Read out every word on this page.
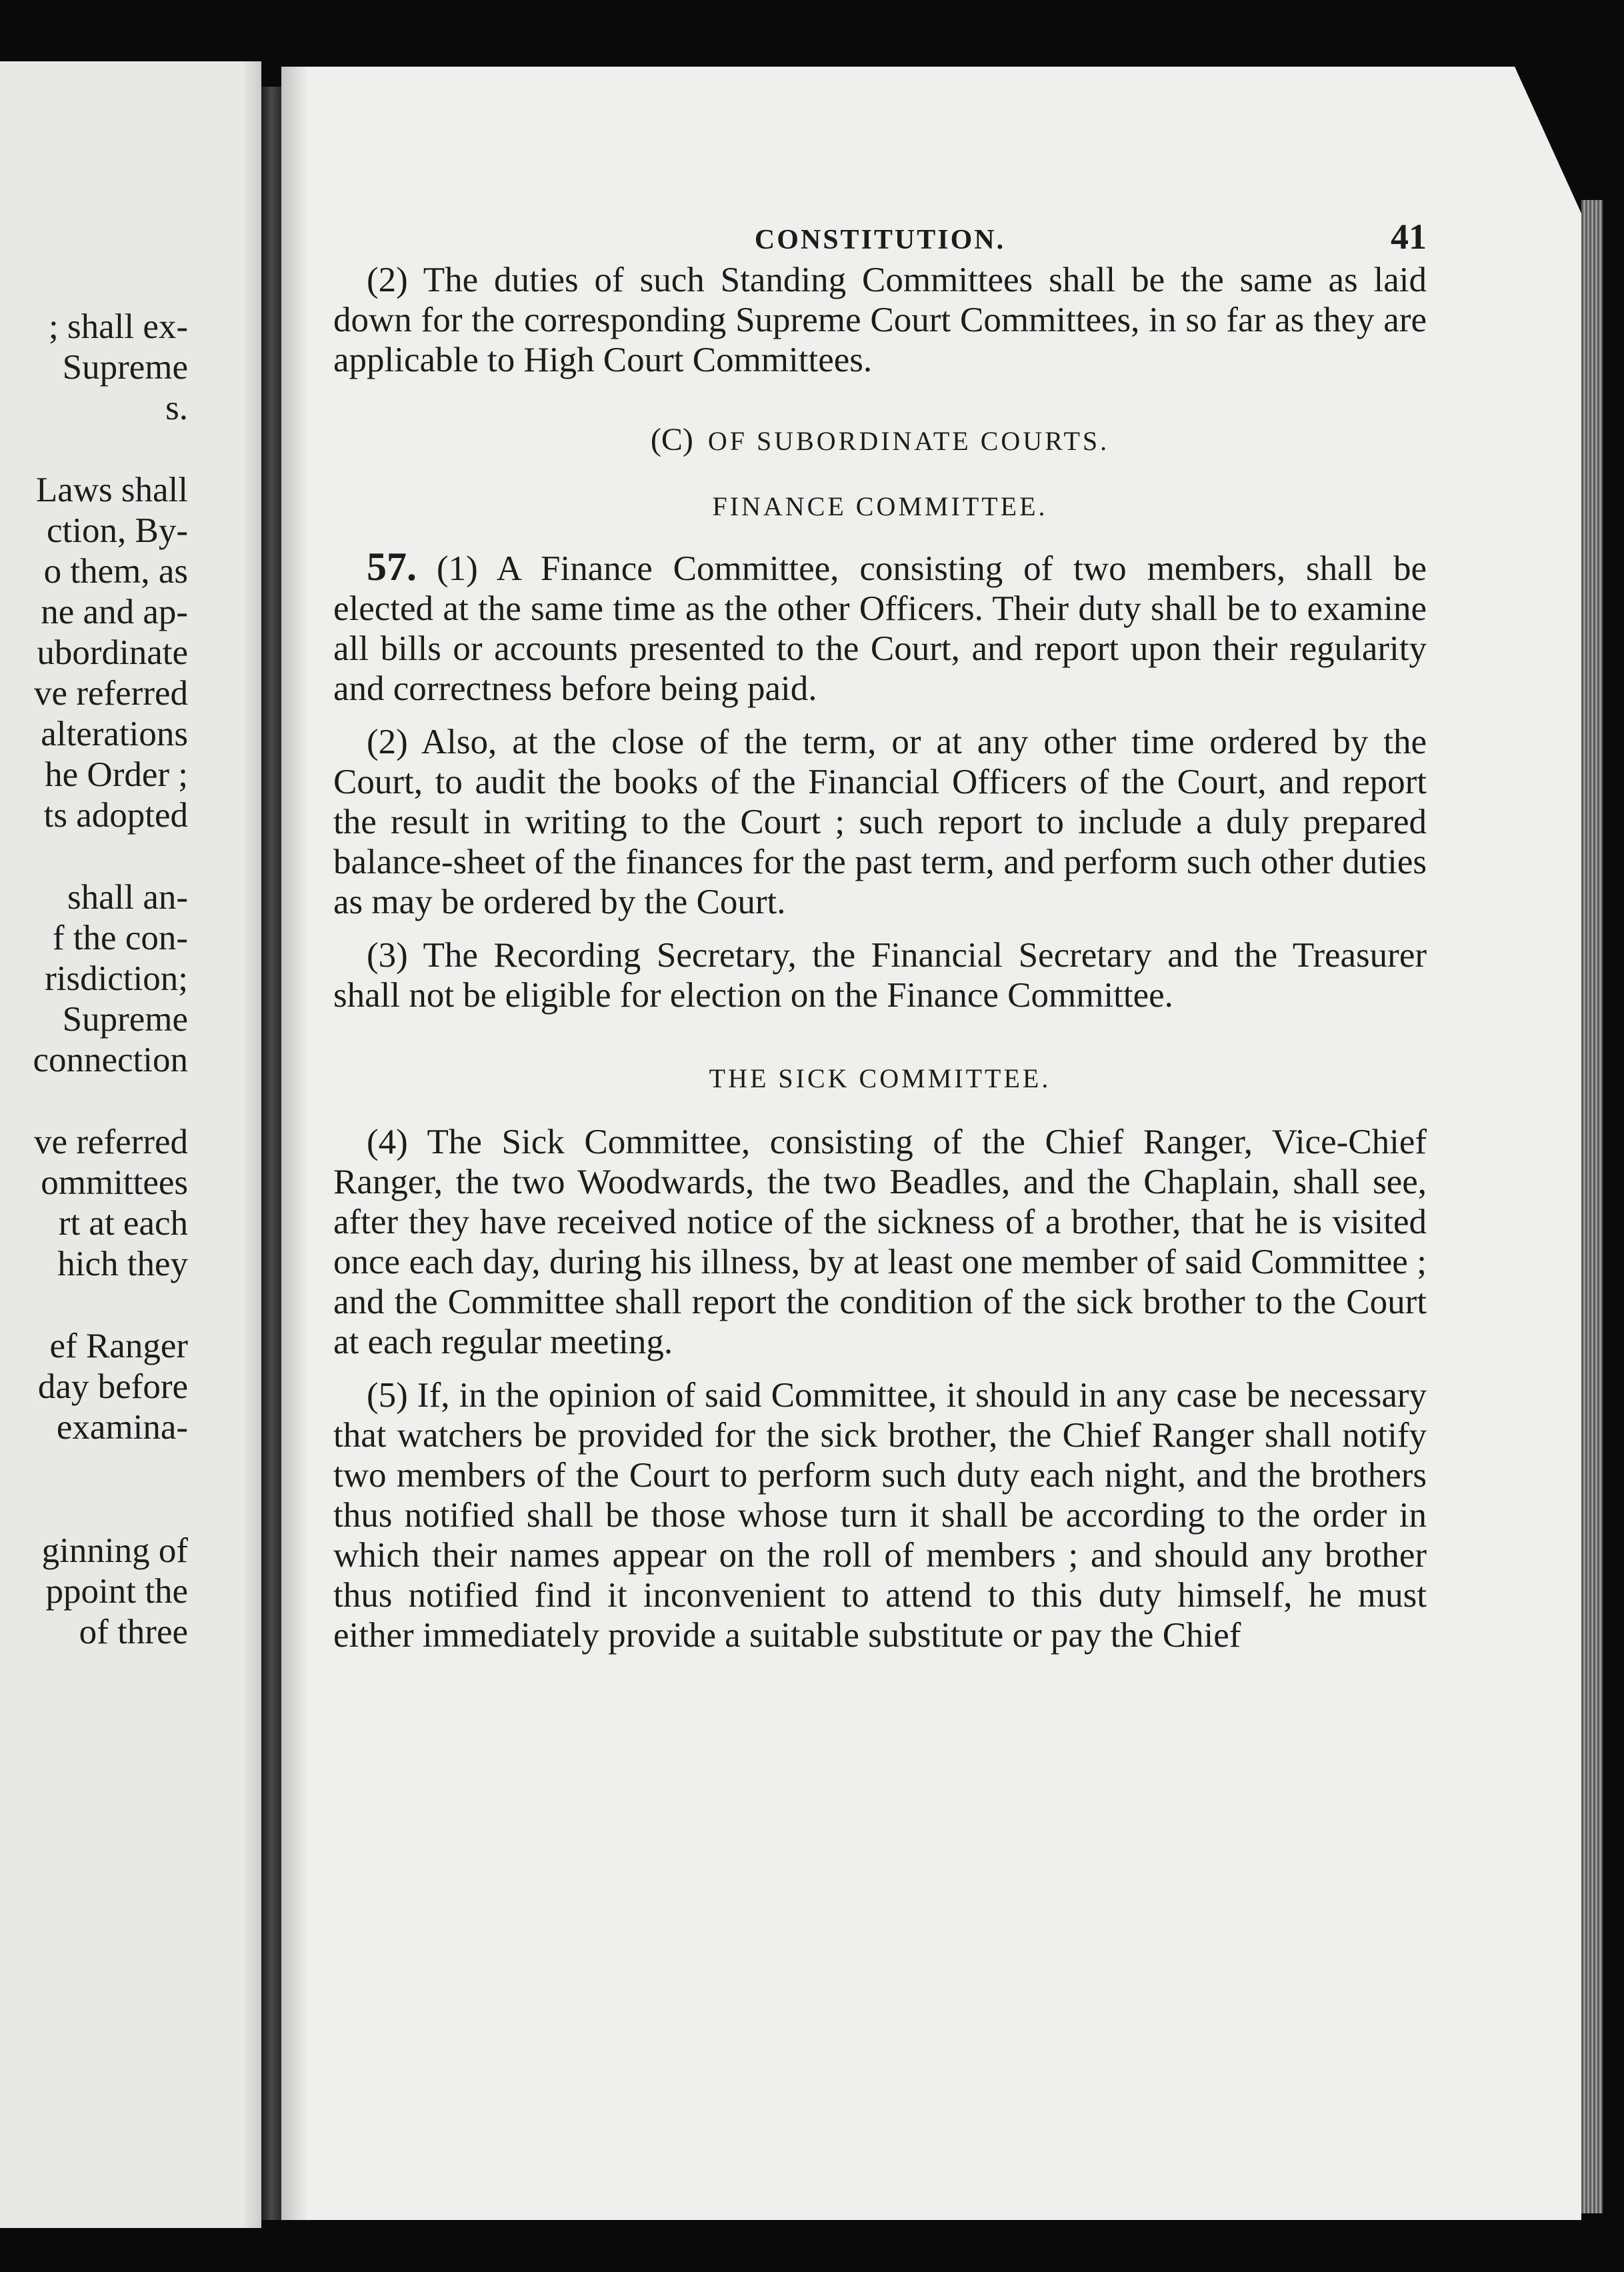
; shall ex-
Supreme
s.
Laws shall
ction, By-
o them, as
ne and ap-
ubordinate
ve referred
alterations
he Order ;
ts adopted
shall an-
f the con-
risdiction;
Supreme
connection
ve referred
ommittees
rt at each
hich they
ef Ranger
day before
examina-
ginning of
ppoint the
of three
CONSTITUTION.	41

(2) The duties of such Standing Committees shall be the same as laid down for the corresponding Supreme Court Committees, in so far as they are applicable to High Court Committees.

(C) OF SUBORDINATE COURTS.
FINANCE COMMITTEE.

57. (1) A Finance Committee, consisting of two members, shall be elected at the same time as the other Officers. Their duty shall be to examine all bills or accounts presented to the Court, and report upon their regularity and correctness before being paid.

(2) Also, at the close of the term, or at any other time ordered by the Court, to audit the books of the Financial Officers of the Court, and report the result in writing to the Court ; such report to include a duly prepared balance-sheet of the finances for the past term, and perform such other duties as may be ordered by the Court.

(3) The Recording Secretary, the Financial Secretary and the Treasurer shall not be eligible for election on the Finance Committee.

THE SICK COMMITTEE.

(4) The Sick Committee, consisting of the Chief Ranger, Vice-Chief Ranger, the two Woodwards, the two Beadles, and the Chaplain, shall see, after they have received notice of the sickness of a brother, that he is visited once each day, during his illness, by at least one member of said Committee ; and the Committee shall report the condition of the sick brother to the Court at each regular meeting.

(5) If, in the opinion of said Committee, it should in any case be necessary that watchers be provided for the sick brother, the Chief Ranger shall notify two members of the Court to perform such duty each night, and the brothers thus notified shall be those whose turn it shall be according to the order in which their names appear on the roll of members ; and should any brother thus notified find it inconvenient to attend to this duty himself, he must either immediately provide a suitable substitute or pay the Chief
